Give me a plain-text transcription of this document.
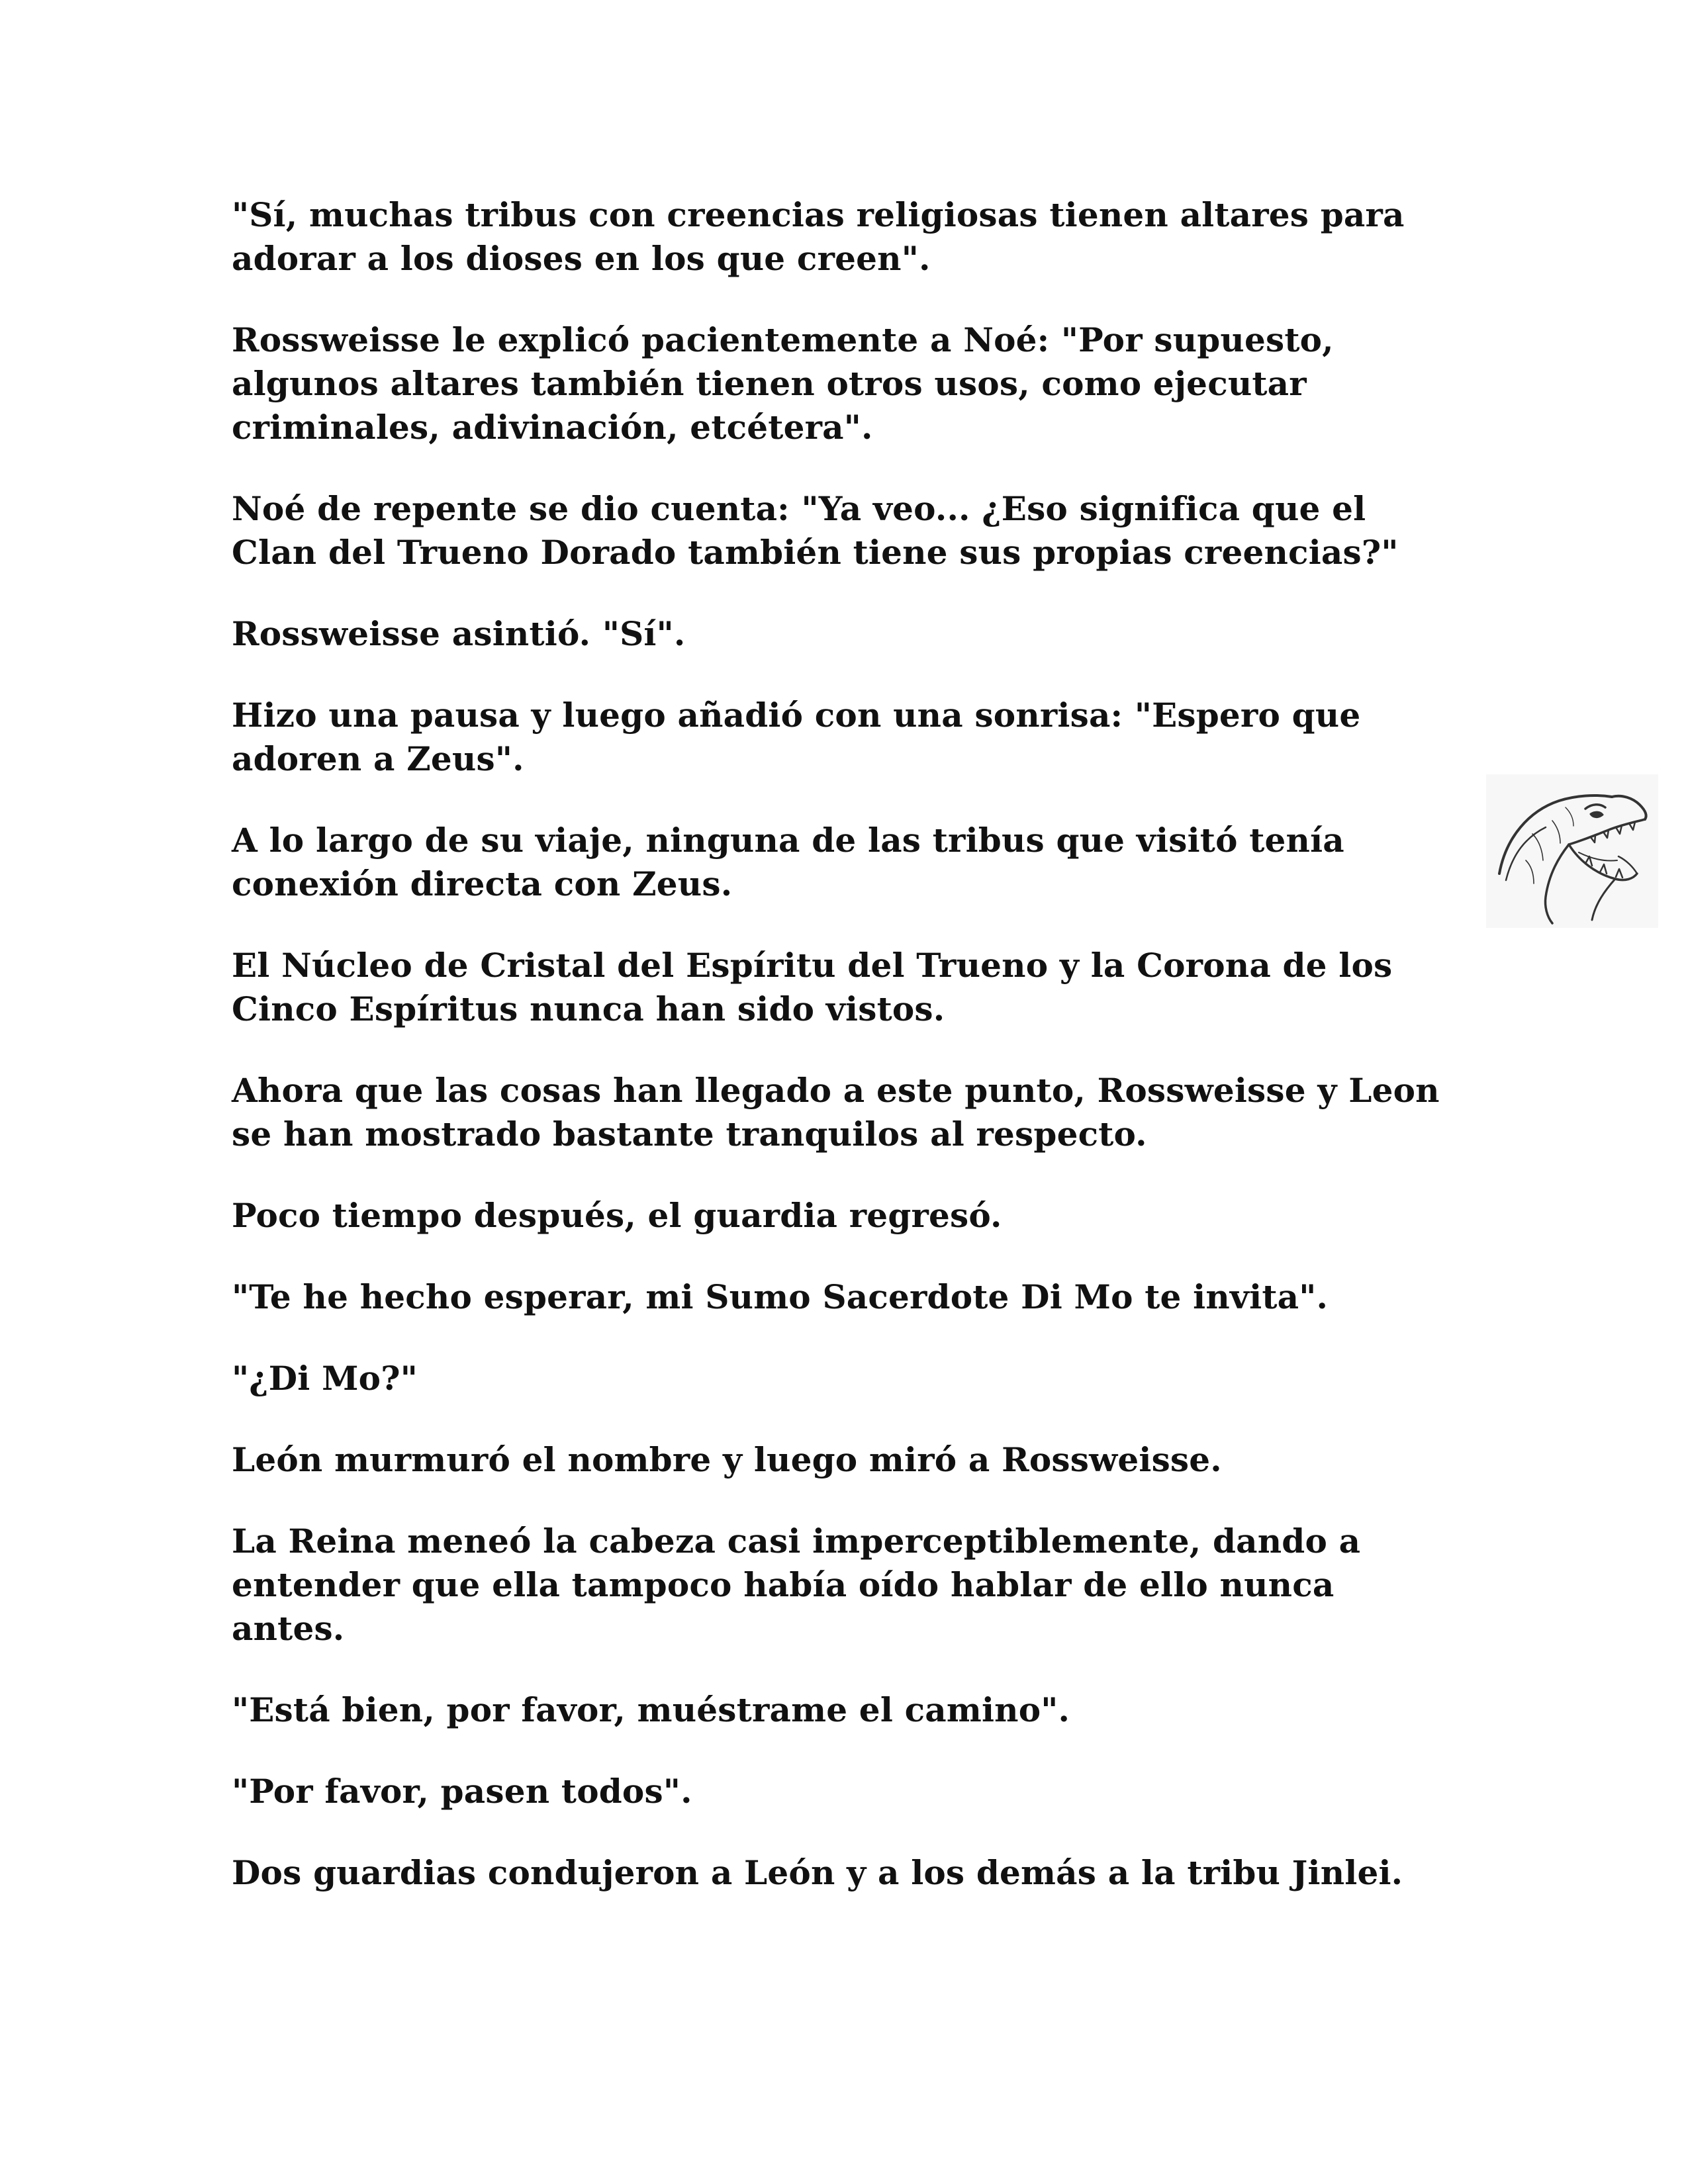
"Sí, muchas tribus con creencias religiosas tienen altares para adorar a los dioses en los que creen".

Rossweisse le explicó pacientemente a Noé: "Por supuesto, algunos altares también tienen otros usos, como ejecutar criminales, adivinación, etcétera".

Noé de repente se dio cuenta: "Ya veo... ¿Eso significa que el Clan del Trueno Dorado también tiene sus propias creencias?"

Rossweisse asintió. "Sí".

Hizo una pausa y luego añadió con una sonrisa: "Espero que adoren a Zeus".

A lo largo de su viaje, ninguna de las tribus que visitó tenía conexión directa con Zeus.

El Núcleo de Cristal del Espíritu del Trueno y la Corona de los Cinco Espíritus nunca han sido vistos.

Ahora que las cosas han llegado a este punto, Rossweisse y Leon se han mostrado bastante tranquilos al respecto.

Poco tiempo después, el guardia regresó.

"Te he hecho esperar, mi Sumo Sacerdote Di Mo te invita".

"¿Di Mo?"

León murmuró el nombre y luego miró a Rossweisse.

La Reina meneó la cabeza casi imperceptiblemente, dando a entender que ella tampoco había oído hablar de ello nunca antes.

"Está bien, por favor, muéstrame el camino".

"Por favor, pasen todos".

Dos guardias condujeron a León y a los demás a la tribu Jinlei.
